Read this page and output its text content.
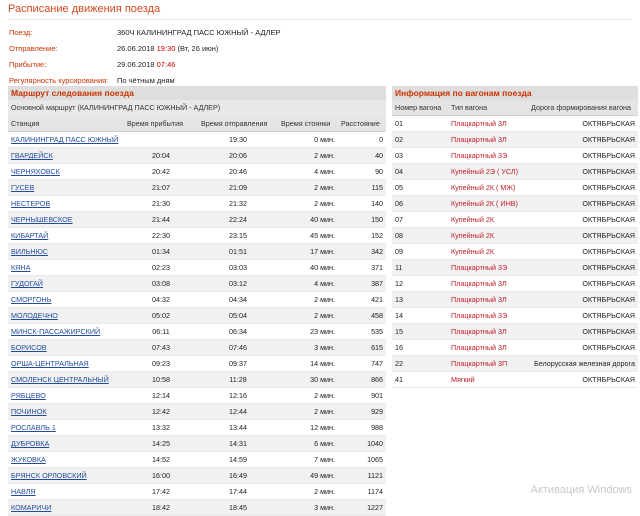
Расписание движения поезда
Поезд:	360Ч КАЛИНИНГРАД ПАСС ЮЖНЫЙ - АДЛЕР
Отправление:	26.06.2018 19:30 (Вт, 26 июн)
Прибытие:	29.06.2018 07:46
Регулярность курсирования:	По чётным дням
Маршрут следования поезда
Основной маршрут (КАЛИНИНГРАД ПАСС ЮЖНЫЙ - АДЛЕР)				
Станция	Время прибытия	Время отправления	Время стоянки	Расстояние
КАЛИНИНГРАД ПАСС ЮЖНЫЙ		19:30	0 мин.	0
ГВАРДЕЙСК	20:04	20:06	2 мин.	40
ЧЕРНЯХОВСК	20:42	20:46	4 мин.	90
ГУСЕВ	21:07	21:09	2 мин.	115
НЕСТЕРОВ	21:30	21:32	2 мин.	140
ЧЕРНЫШЕВСКОЕ	21:44	22:24	40 мин.	150
КИБАРТАЙ	22:30	23:15	45 мин.	152
ВИЛЬНЮС	01:34	01:51	17 мин.	342
КЯНА	02:23	03:03	40 мин.	371
ГУДОГАЙ	03:08	03:12	4 мин.	387
СМОРГОНЬ	04:32	04:34	2 мин.	421
МОЛОДЕЧНО	05:02	05:04	2 мин.	458
МИНСК-ПАССАЖИРСКИЙ	06:11	06:34	23 мин.	535
БОРИСОВ	07:43	07:46	3 мин.	615
ОРША-ЦЕНТРАЛЬНАЯ	09:23	09:37	14 мин.	747
СМОЛЕНСК ЦЕНТРАЛЬНЫЙ	10:58	11:28	30 мин.	866
РЯБЦЕВО	12:14	12:16	2 мин.	901
ПОЧИНОК	12:42	12:44	2 мин.	929
РОСЛАВЛЬ 1	13:32	13:44	12 мин.	988
ДУБРОВКА	14:25	14:31	6 мин.	1040
ЖУКОВКА	14:52	14:59	7 мин.	1065
БРЯНСК ОРЛОВСКИЙ	16:00	16:49	49 мин.	1121
НАВЛЯ	17:42	17:44	2 мин.	1174
КОМАРИЧИ	18:42	18:45	3 мин.	1227
Информация по вагонам поезда
Номер вагона	Тип вагона	Дорога формирования вагона
01	Плацкартный 3Л	ОКТЯБРЬСКАЯ
02	Плацкартный 3Л	ОКТЯБРЬСКАЯ
03	Плацкартный 3Э	ОКТЯБРЬСКАЯ
04	Купейный 2Э ( УСЛ)	ОКТЯБРЬСКАЯ
05	Купейный 2К ( МЖ)	ОКТЯБРЬСКАЯ
06	Купейный 2К ( ИНВ)	ОКТЯБРЬСКАЯ
07	Купейный 2К	ОКТЯБРЬСКАЯ
08	Купейный 2К	ОКТЯБРЬСКАЯ
09	Купейный 2К	ОКТЯБРЬСКАЯ
11	Плацкартный 3Э	ОКТЯБРЬСКАЯ
12	Плацкартный 3Л	ОКТЯБРЬСКАЯ
13	Плацкартный 3Л	ОКТЯБРЬСКАЯ
14	Плацкартный 3Э	ОКТЯБРЬСКАЯ
15	Плацкартный 3Л	ОКТЯБРЬСКАЯ
16	Плацкартный 3Л	ОКТЯБРЬСКАЯ
22	Плацкартный 3П	Белорусская железная дорога
41	Мягкий	ОКТЯБРЬСКАЯ
Активация Windows
